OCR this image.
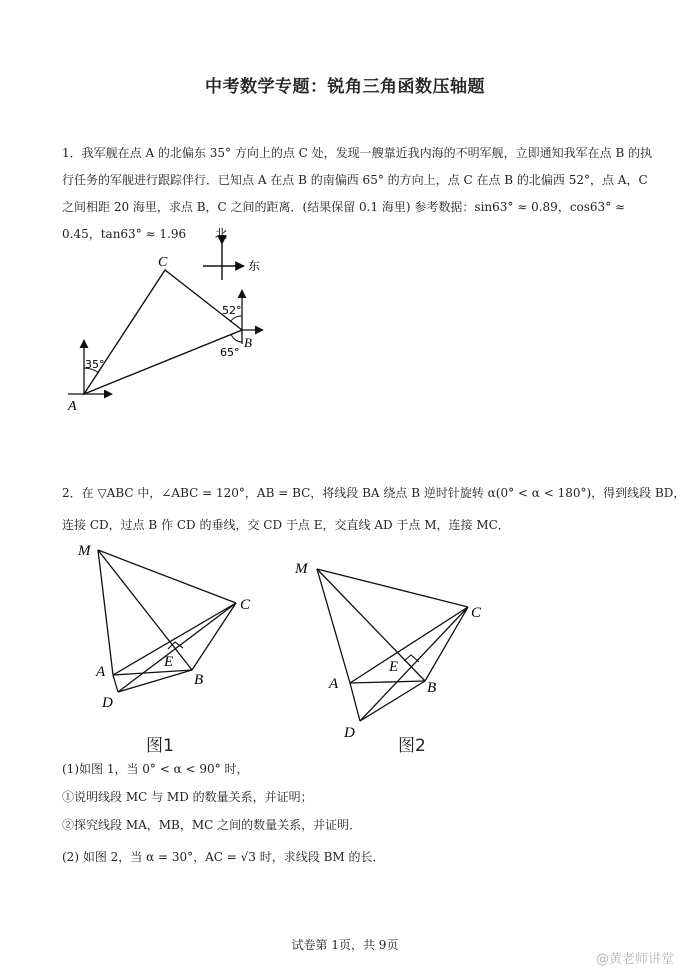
中考数学专题：锐角三角函数压轴题
1．我军舰在点 A 的北偏东 35° 方向上的点 C 处，发现一艘靠近我内海的不明军舰，立即通知我军在点 B 的执行任务的军舰进行跟踪伴行．已知点 A 在点 B 的南偏西 65° 的方向上，点 C 在点 B 的北偏西 52°，点 A，C 之间相距 20 海里，求点 B，C 之间的距离．(结果保留 0.1 海里) 参考数据：sin63° ≈ 0.89，cos63° ≈ 0.45，tan63° ≈ 1.96	北
东
C
B
A
35°
52°
65°
2．在 ▽ABC 中，∠ABC = 120°，AB = BC，将线段 BA 绕点 B 逆时针旋转 α(0° < α < 180°)，得到线段 BD，
连接 CD，过点 B 作 CD 的垂线，交 CD 于点 E，交直线 AD 于点 M，连接 MC．
M
C
E
A	B
D
图1
M
C
E
A	B
D
图2
(1)如图 1，当 0° < α < 90° 时，
①说明线段 MC 与 MD 的数量关系，并证明；
②探究线段 MA，MB，MC 之间的数量关系，并证明．
(2) 如图 2，当 α = 30°，AC = √3 时，求线段 BM 的长．
试卷第 1页，共 9页
@黄老师讲堂
